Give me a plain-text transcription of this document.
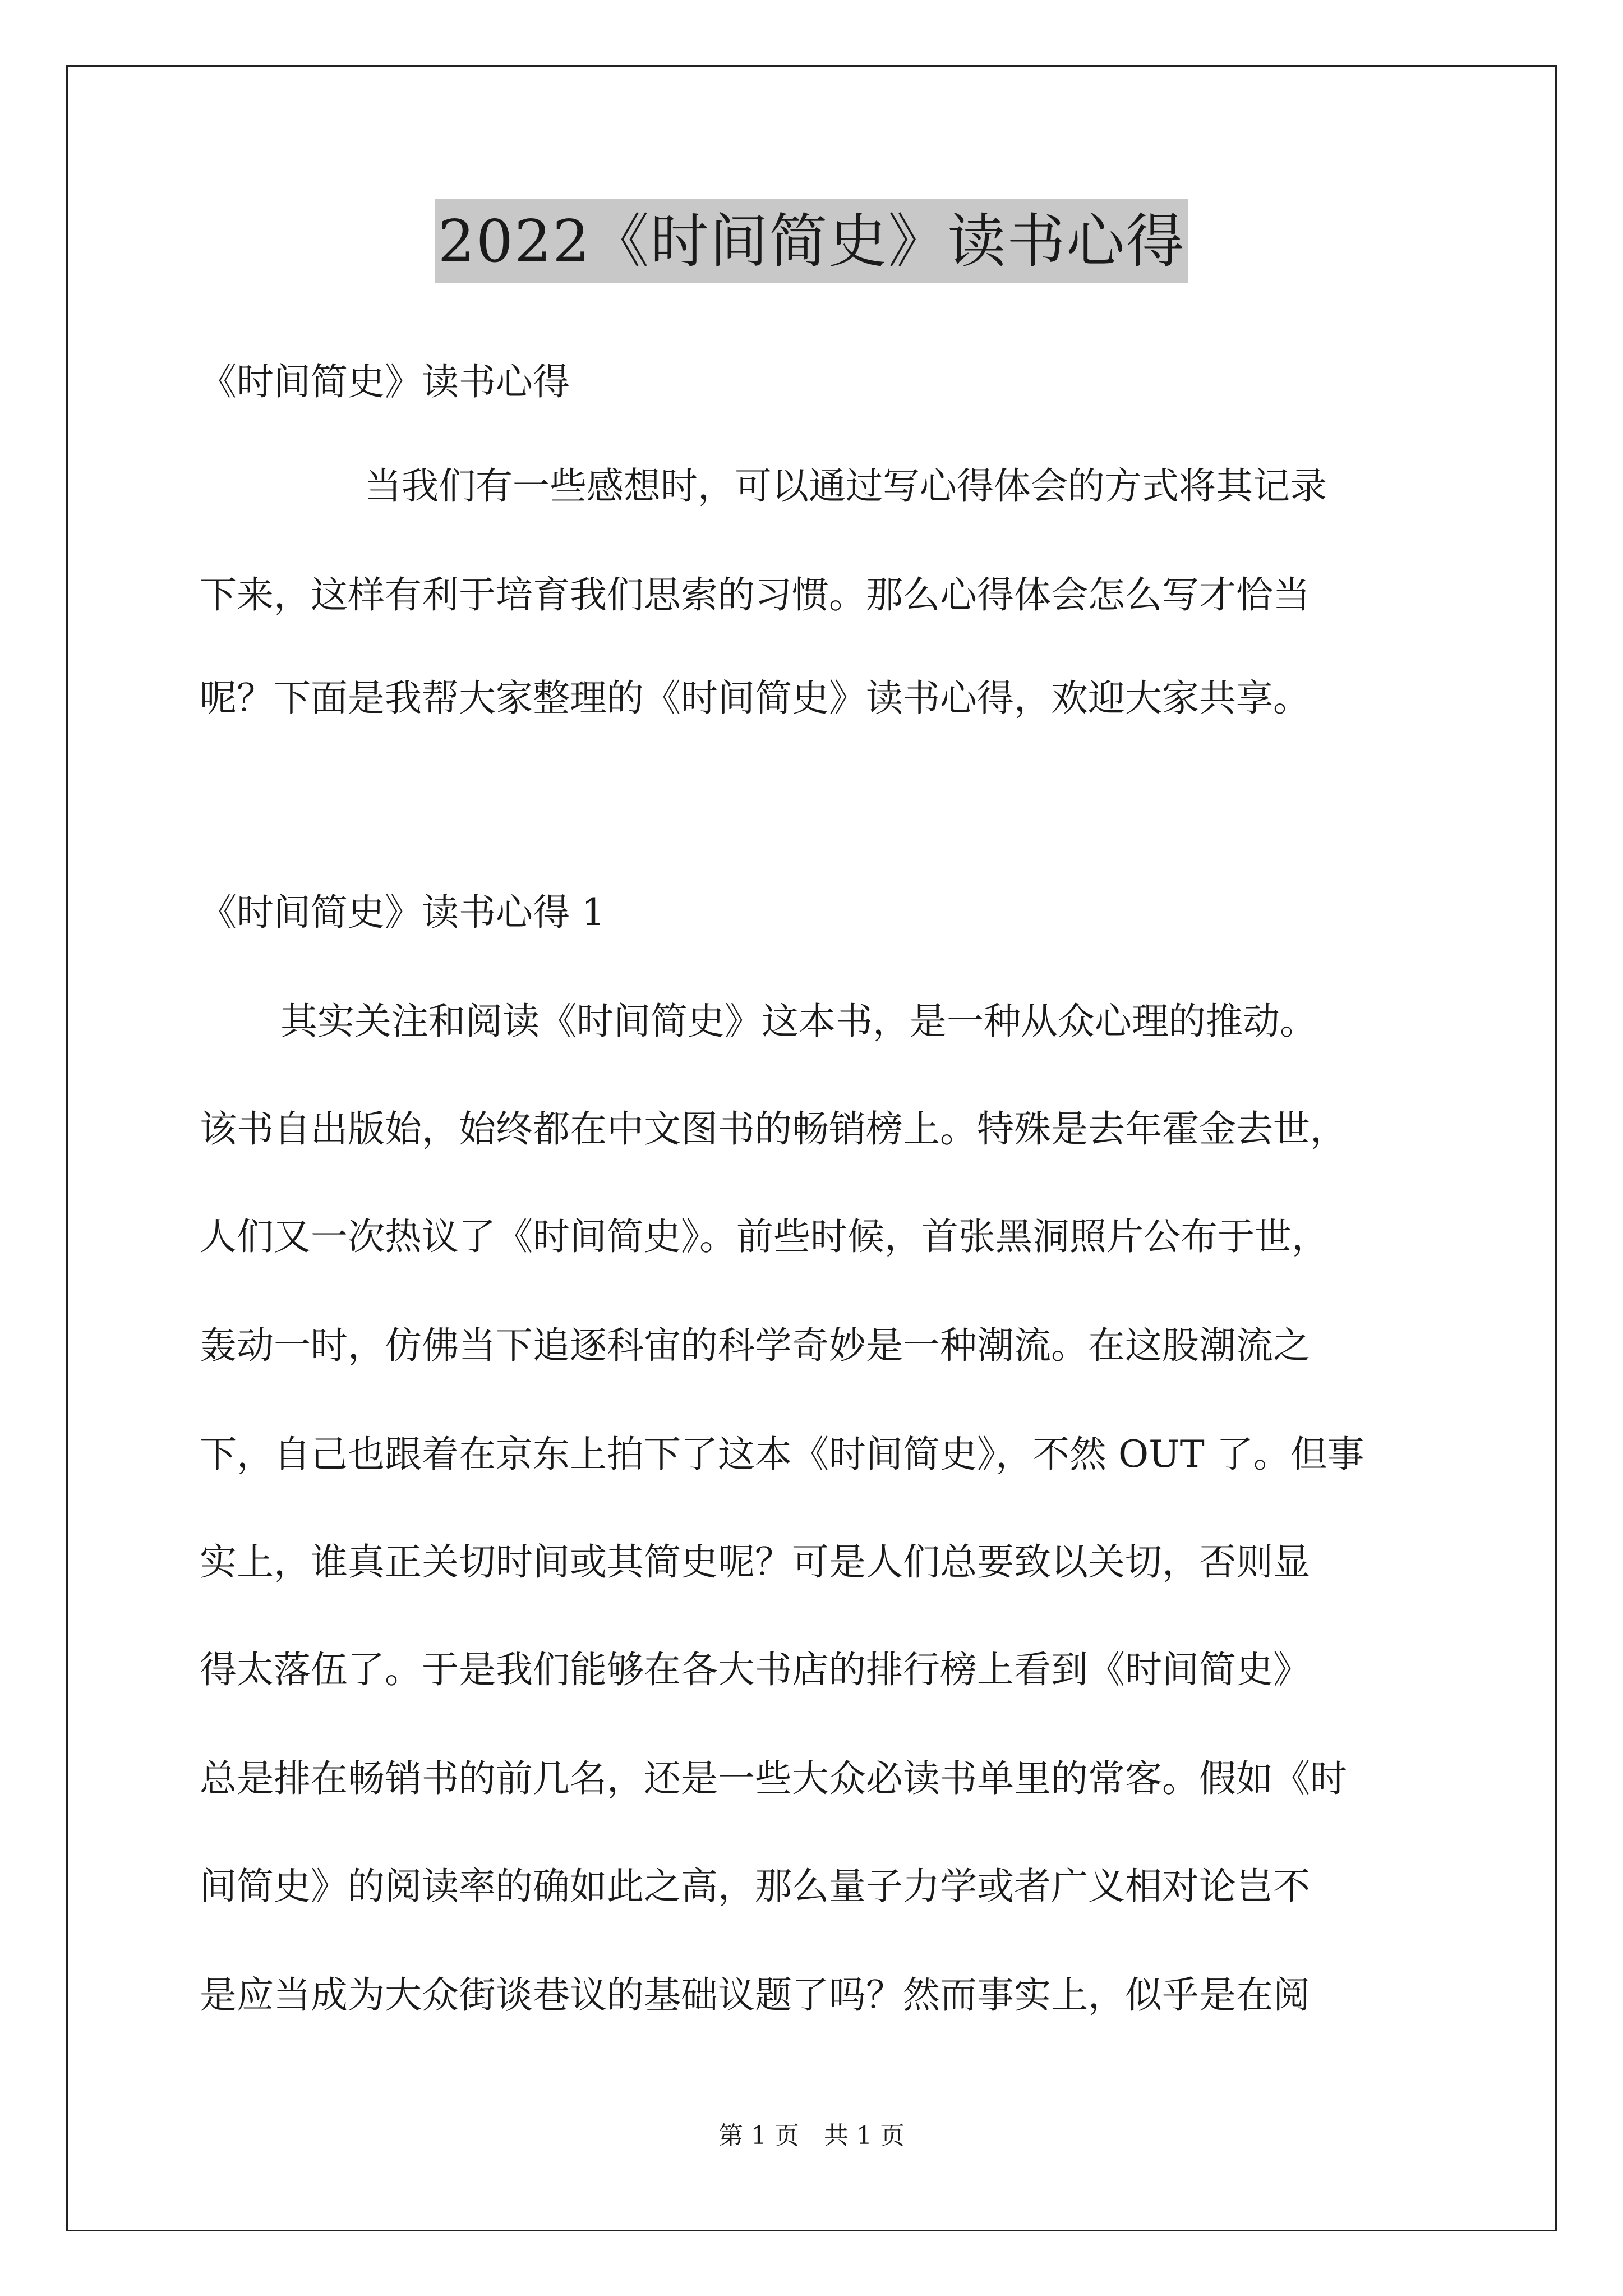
2022《时间简史》读书心得
《时间简史》读书心得
当我们有一些感想时，可以通过写心得体会的方式将其记录
下来，这样有利于培育我们思索的习惯。那么心得体会怎么写才恰当
呢？下面是我帮大家整理的《时间简史》读书心得，欢迎大家共享。
《时间简史》读书心得 1
其实关注和阅读《时间简史》这本书，是一种从众心理的推动。
该书自出版始，始终都在中文图书的畅销榜上。特殊是去年霍金去世，
人们又一次热议了《时间简史》。前些时候，首张黑洞照片公布于世，
轰动一时，仿佛当下追逐科宙的科学奇妙是一种潮流。在这股潮流之
下，自己也跟着在京东上拍下了这本《时间简史》，不然 OUT 了。但事
实上，谁真正关切时间或其简史呢？可是人们总要致以关切，否则显
得太落伍了。于是我们能够在各大书店的排行榜上看到《时间简史》
总是排在畅销书的前几名，还是一些大众必读书单里的常客。假如《时
间简史》的阅读率的确如此之高，那么量子力学或者广义相对论岂不
是应当成为大众街谈巷议的基础议题了吗？然而事实上，似乎是在阅
第 1 页　共 1 页
